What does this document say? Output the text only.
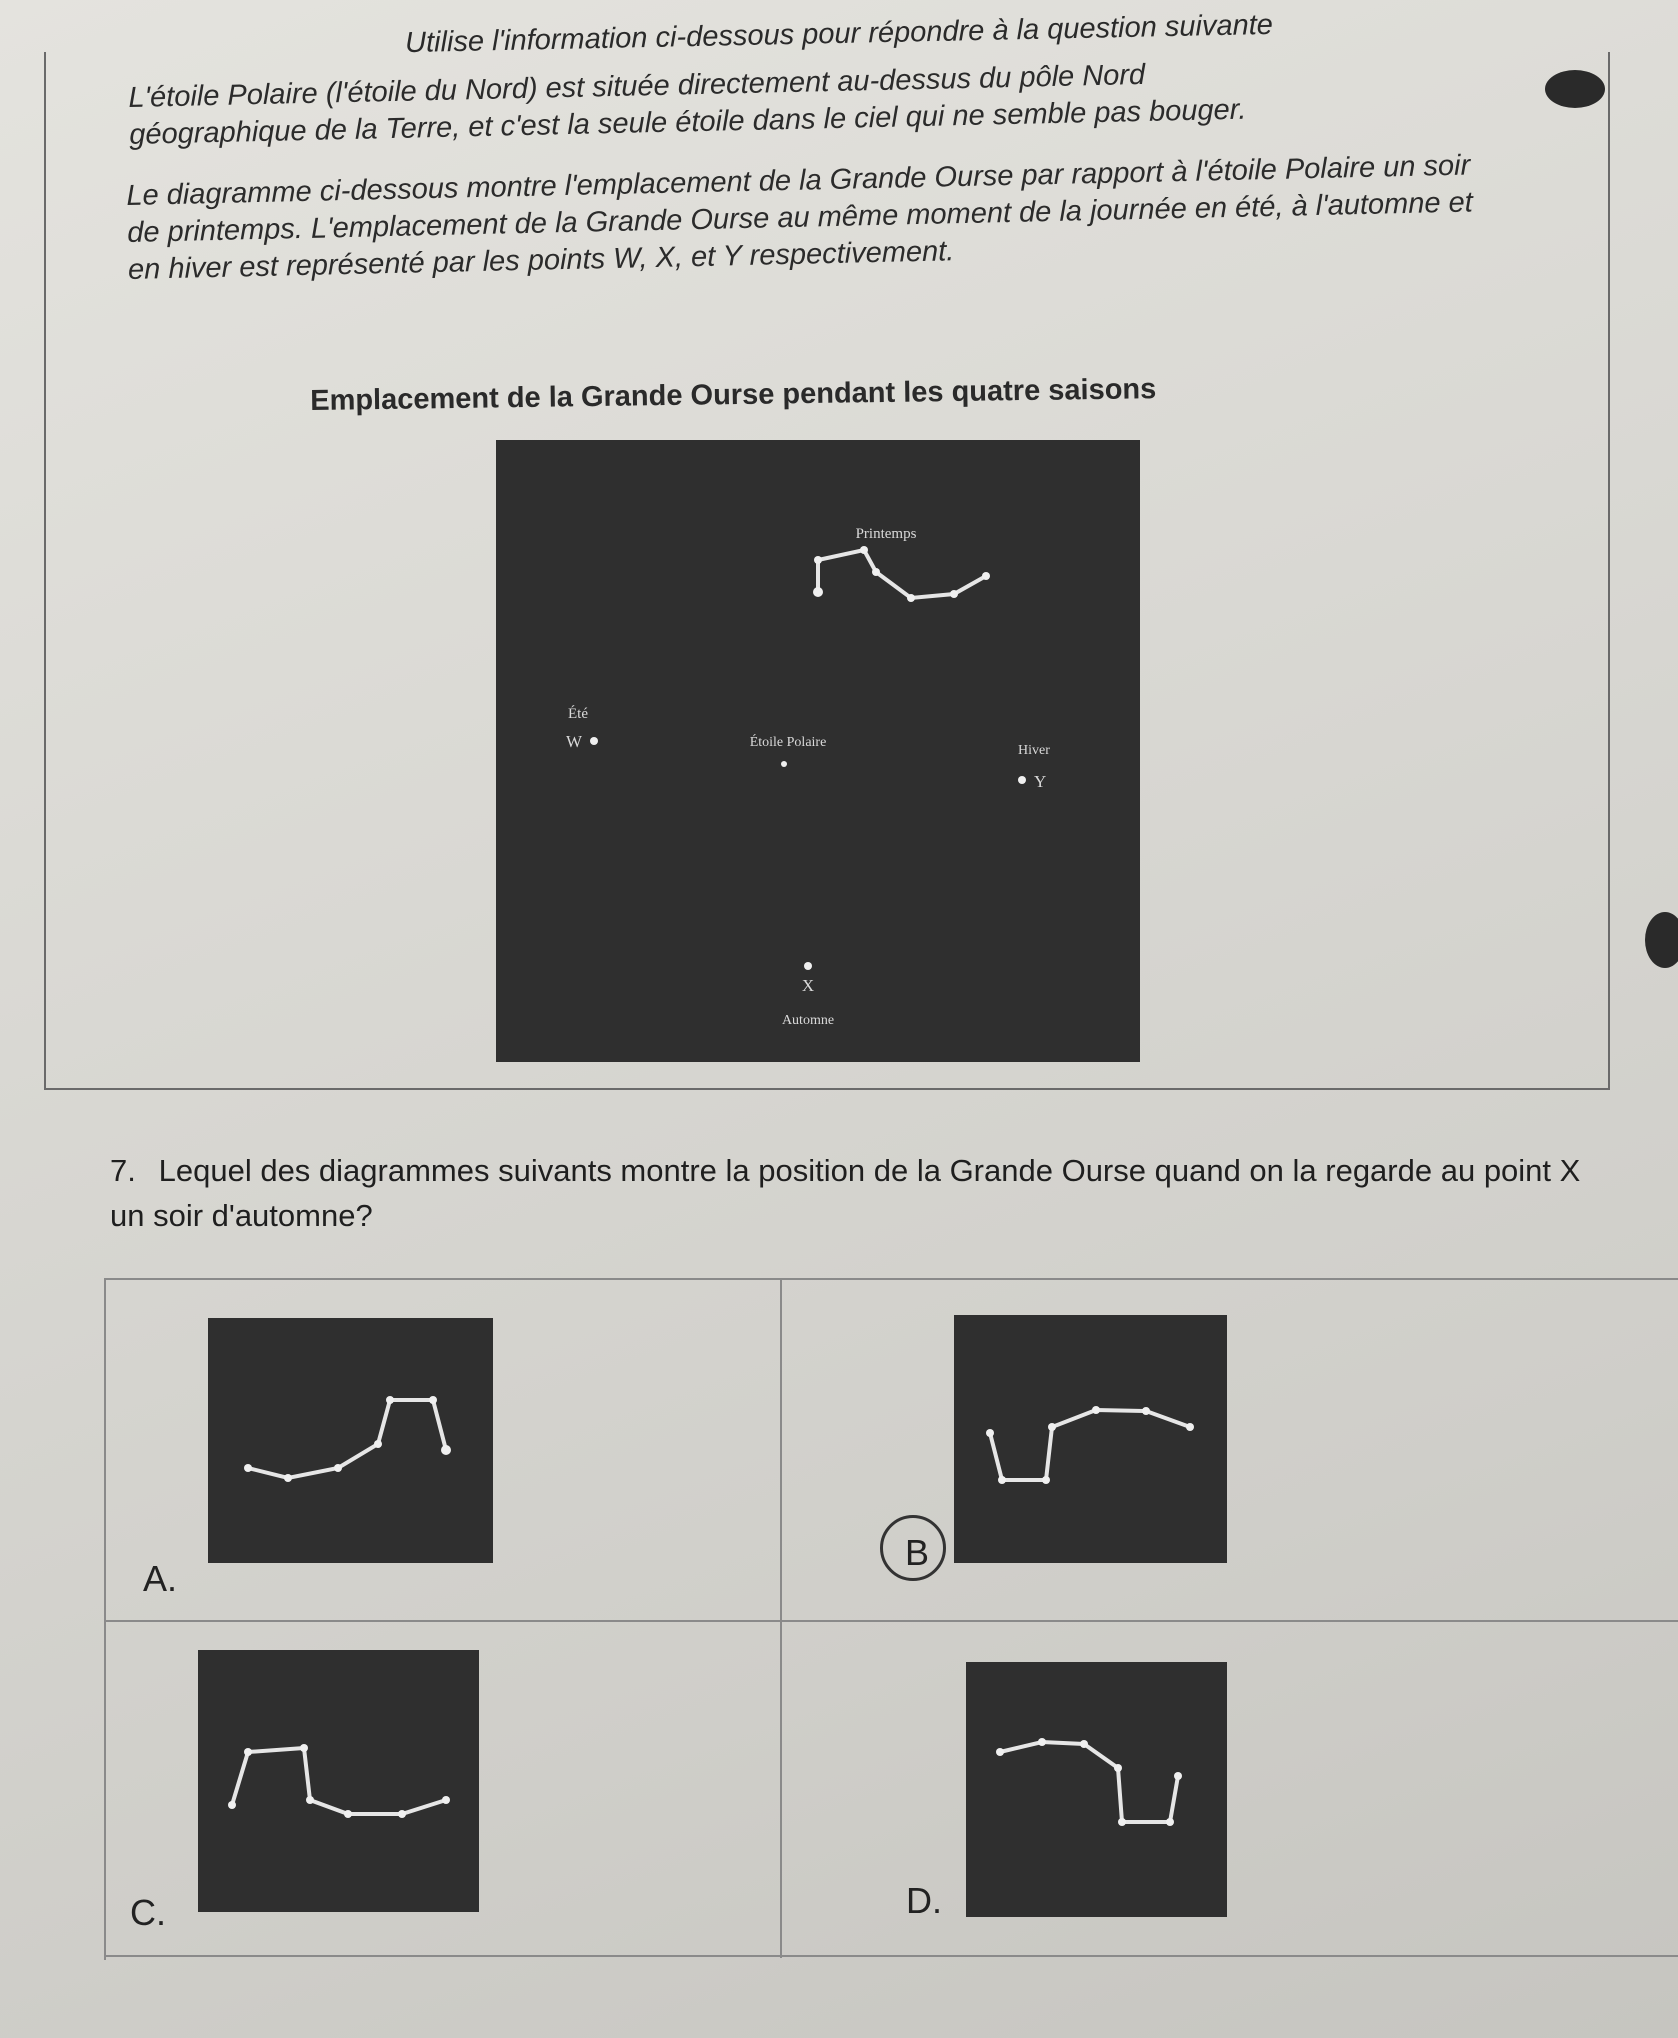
Utilise l'information ci-dessous pour répondre à la question suivante
L'étoile Polaire (l'étoile du Nord) est située directement au-dessus du pôle Nord géographique de la Terre, et c'est la seule étoile dans le ciel qui ne semble pas bouger.
Le diagramme ci-dessous montre l'emplacement de la Grande Ourse par rapport à l'étoile Polaire un soir de printemps. L'emplacement de la Grande Ourse au même moment de la journée en été, à l'automne et en hiver est représenté par les points W, X, et Y respectivement.
Emplacement de la Grande Ourse pendant les quatre saisons
Printemps
Été
W	Étoile Polaire
Hiver
Y
X
Automne
7. Lequel des diagrammes suivants montre la position de la Grande Ourse quand on la regarde au point X un soir d'automne?
A.
B
C.	D.
